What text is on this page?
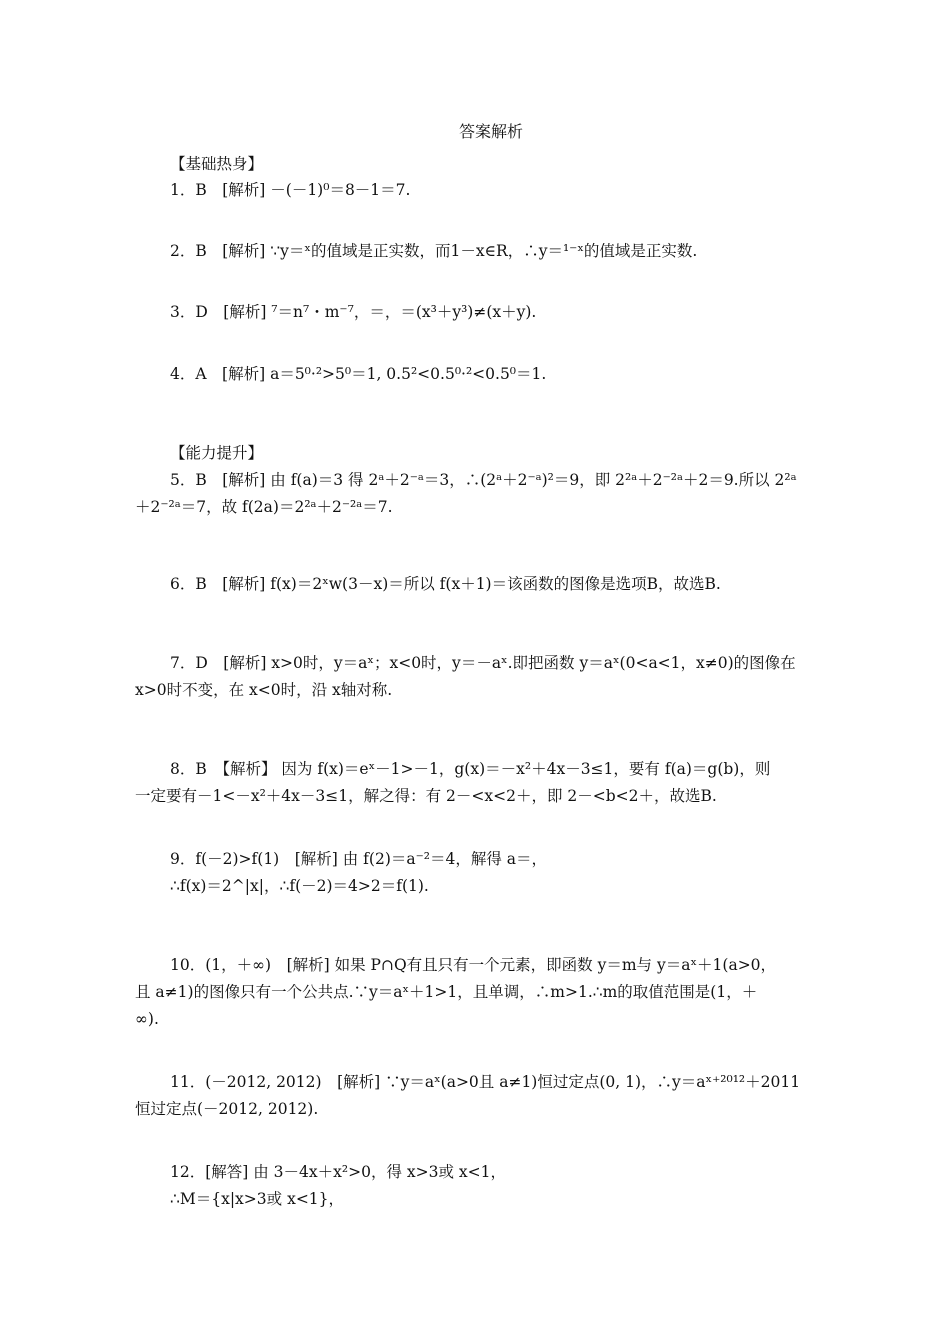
答案解析
【基础热身】
1．B　[解析] －(－1)⁰＝8－1＝7.
2．B　[解析] ∵y＝ˣ的值域是正实数，而1－x∈R，∴y＝¹⁻ˣ的值域是正实数.
3．D　[解析] ⁷＝n⁷・m⁻⁷，＝，＝(x³＋y³)≠(x＋y).
4．A　[解析] a＝5⁰·²>5⁰＝1, 0.5²<0.5⁰·²<0.5⁰＝1.
【能力提升】
5．B　[解析] 由 f(a)＝3 得 2ᵃ＋2⁻ᵃ＝3，∴(2ᵃ＋2⁻ᵃ)²＝9，即 2²ᵃ＋2⁻²ᵃ＋2＝9.所以 2²ᵃ
＋2⁻²ᵃ＝7，故 f(2a)＝2²ᵃ＋2⁻²ᵃ＝7.
6．B　[解析] f(x)＝2ˣw(3－x)＝所以 f(x＋1)＝该函数的图像是选项B，故选B.
7．D　[解析] x>0时，y＝aˣ；x<0时，y＝－aˣ.即把函数 y＝aˣ(0<a<1，x≠0)的图像在
x>0时不变，在 x<0时，沿 x轴对称.
8．B　【解析】 因为 f(x)＝eˣ－1>－1，g(x)＝－x²＋4x－3≤1，要有 f(a)＝g(b)，则
一定要有－1<－x²＋4x－3≤1，解之得：有 2－<x<2＋，即 2－<b<2＋，故选B.
9．f(－2)>f(1)　[解析] 由 f(2)＝a⁻²＝4，解得 a＝，
∴f(x)＝2^|x|，∴f(－2)＝4>2＝f(1).
10．(1，＋∞)　[解析] 如果 P∩Q有且只有一个元素，即函数 y＝m与 y＝aˣ＋1(a>0，
且 a≠1)的图像只有一个公共点.∵y＝aˣ＋1>1，且单调，∴m>1.∴m的取值范围是(1，＋
∞).
11．(－2012, 2012)　[解析] ∵y＝aˣ(a>0且 a≠1)恒过定点(0, 1)，∴y＝aˣ⁺²⁰¹²＋2011
恒过定点(－2012, 2012).
12．[解答] 由 3－4x＋x²>0，得 x>3或 x<1，
∴M＝{x|x>3或 x<1}，
